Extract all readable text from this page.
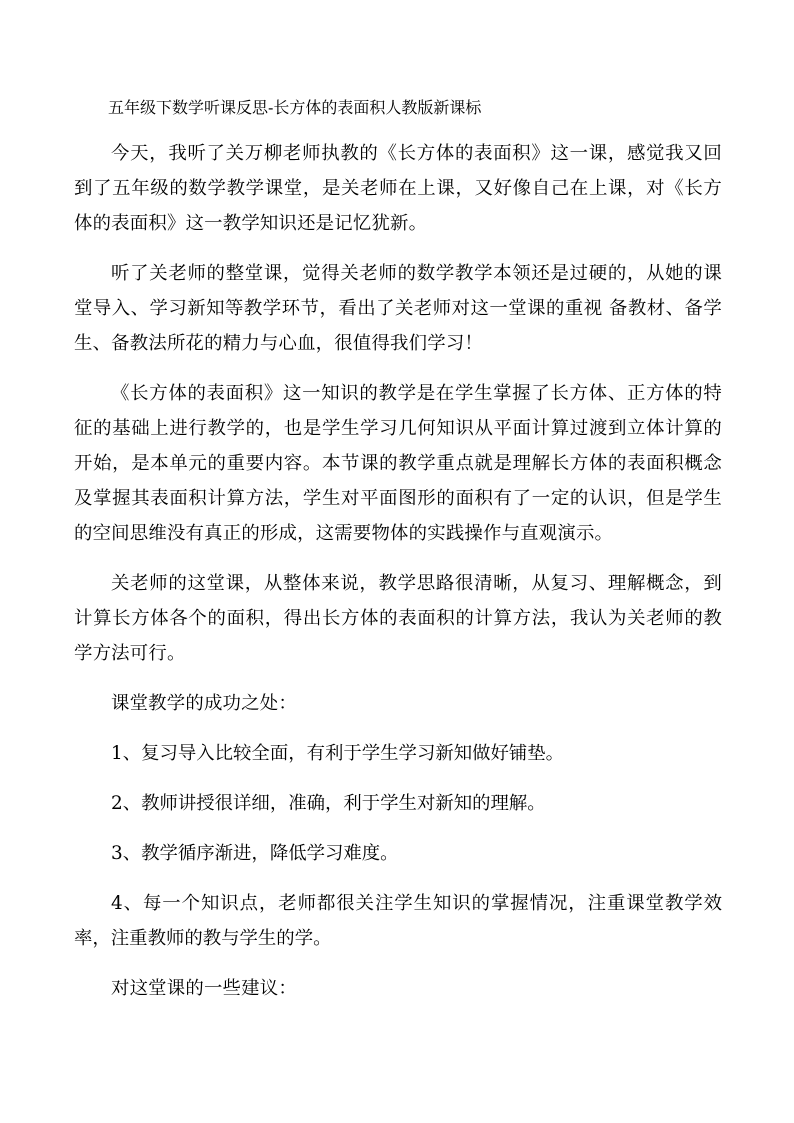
五年级下数学听课反思-长方体的表面积人教版新课标

今天，我听了关万柳老师执教的《长方体的表面积》这一课，感觉我又回到了五年级的数学教学课堂，是关老师在上课，又好像自己在上课，对《长方体的表面积》这一教学知识还是记忆犹新。

听了关老师的整堂课，觉得关老师的数学教学本领还是过硬的，从她的课堂导入、学习新知等教学环节，看出了关老师对这一堂课的重视 备教材、备学生、备教法所花的精力与心血，很值得我们学习！

《长方体的表面积》这一知识的教学是在学生掌握了长方体、正方体的特征的基础上进行教学的，也是学生学习几何知识从平面计算过渡到立体计算的开始，是本单元的重要内容。本节课的教学重点就是理解长方体的表面积概念及掌握其表面积计算方法，学生对平面图形的面积有了一定的认识，但是学生的空间思维没有真正的形成，这需要物体的实践操作与直观演示。

关老师的这堂课，从整体来说，教学思路很清晰，从复习、理解概念，到计算长方体各个的面积，得出长方体的表面积的计算方法，我认为关老师的教学方法可行。

课堂教学的成功之处：

1、复习导入比较全面，有利于学生学习新知做好铺垫。

2、教师讲授很详细，准确，利于学生对新知的理解。

3、教学循序渐进，降低学习难度。

4、每一个知识点，老师都很关注学生知识的掌握情况，注重课堂教学效率，注重教师的教与学生的学。

对这堂课的一些建议：
